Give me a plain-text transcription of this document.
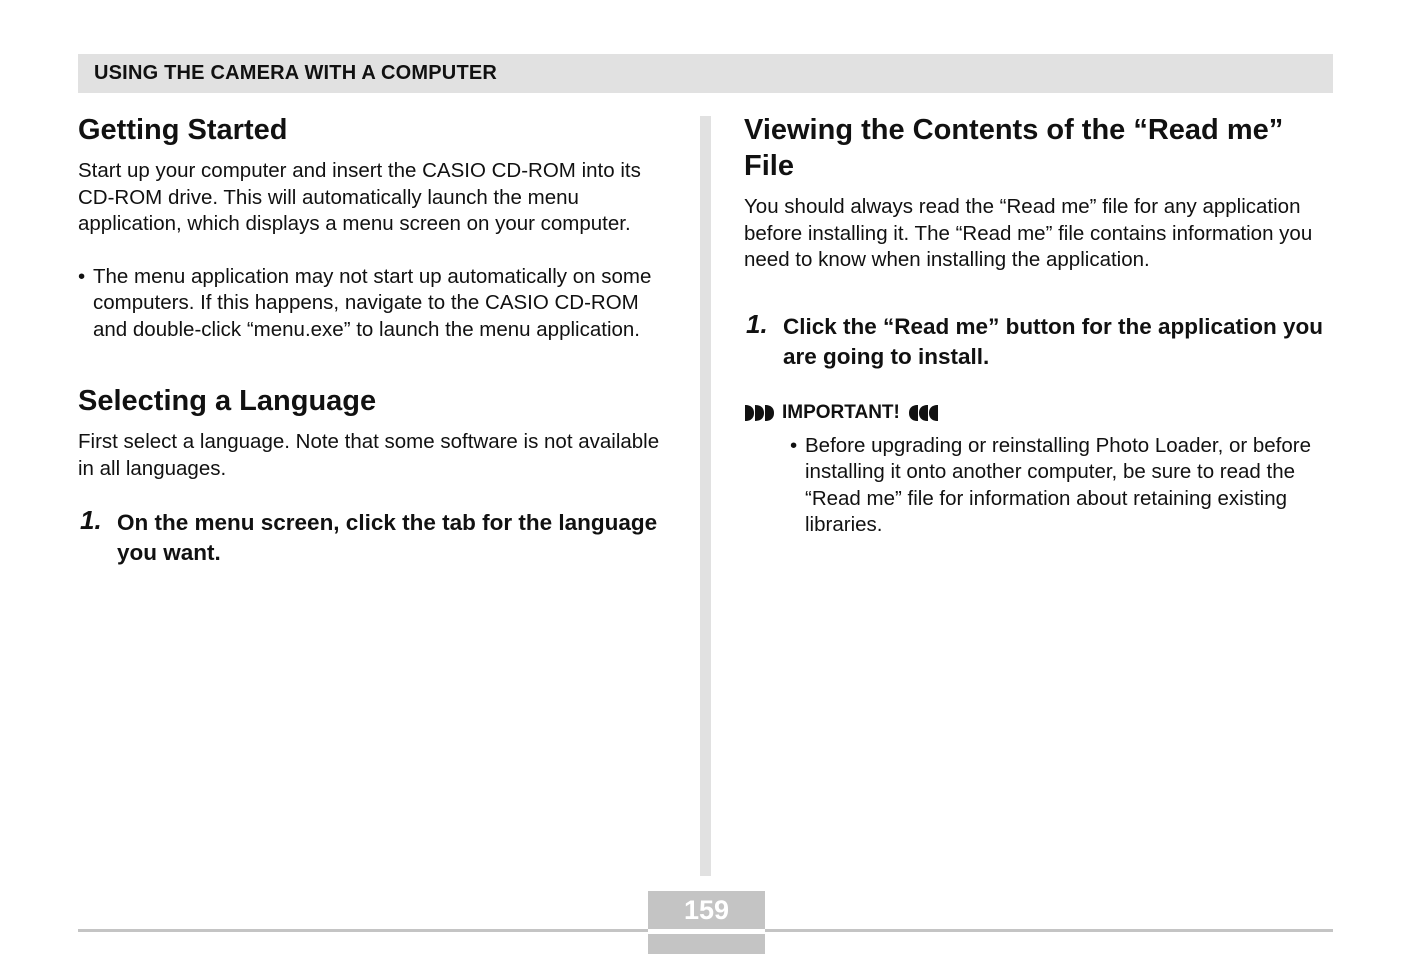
USING THE CAMERA WITH A COMPUTER
Getting Started

Start up your computer and insert the CASIO CD-ROM into its CD-ROM drive. This will automatically launch the menu application, which displays a menu screen on your computer.

• The menu application may not start up automatically on some computers. If this happens, navigate to the CASIO CD-ROM and double-click “menu.exe” to launch the menu application.
Selecting a Language

First select a language. Note that some software is not available in all languages.

1. On the menu screen, click the tab for the language you want.
Viewing the Contents of the “Read me” File

You should always read the “Read me” file for any application before installing it. The “Read me” file contains information you need to know when installing the application.

1. Click the “Read me” button for the application you are going to install.
IMPORTANT!
• Before upgrading or reinstalling Photo Loader, or before installing it onto another computer, be sure to read the “Read me” file for information about retaining existing libraries.
159
